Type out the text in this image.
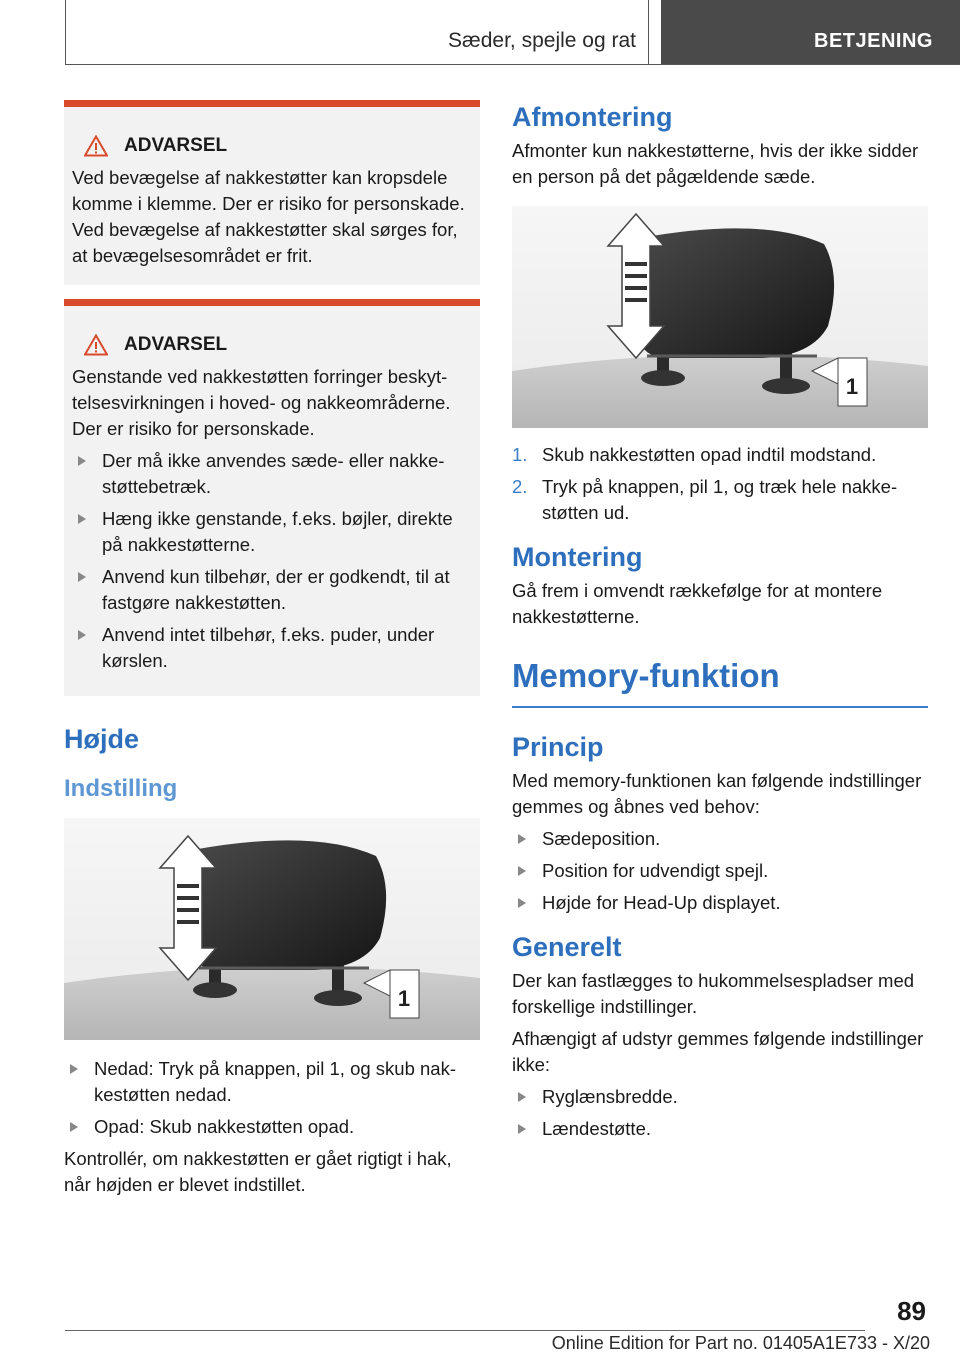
Sæder, spejle og rat	BETJENING
ADVARSEL

Ved bevægelse af nakkestøtter kan kropsdele komme i klemme. Der er risiko for personskade. Ved bevægelse af nakkestøtter skal sørges for, at bevægelsesområdet er frit.

ADVARSEL

Genstande ved nakkestøtten forringer beskyttelsesvirkningen i hoved- og nakkeområderne. Der er risiko for personskade.

Der må ikke anvendes sæde- eller nakkestøttebetræk.
Hæng ikke genstande, f.eks. bøjler, direkte på nakkestøtterne.
Anvend kun tilbehør, der er godkendt, til at fastgøre nakkestøtten.
Anvend intet tilbehør, f.eks. puder, under kørslen.
Højde
Indstilling
1
Nedad: Tryk på knappen, pil 1, og skub nakkestøtten nedad.
Opad: Skub nakkestøtten opad.

Kontrollér, om nakkestøtten er gået rigtigt i hak, når højden er blevet indstillet.

Afmontering

Afmonter kun nakkestøtterne, hvis der ikke sidder en person på det pågældende sæde.

1
1. Skub nakkestøtten opad indtil modstand.
2. Tryk på knappen, pil 1, og træk hele nakkestøtten ud.
Montering

Gå frem i omvendt rækkefølge for at montere nakkestøtterne.

Memory-funktion
Princip

Med memory-funktionen kan følgende indstillinger gemmes og åbnes ved behov:

Sædeposition.
Position for udvendigt spejl.
Højde for Head-Up displayet.
Generelt

Der kan fastlægges to hukommelsespladser med forskellige indstillinger.

Afhængigt af udstyr gemmes følgende indstillinger ikke:

Ryglænsbredde.
Lændestøtte.
89
Online Edition for Part no. 01405A1E733 - X/20
